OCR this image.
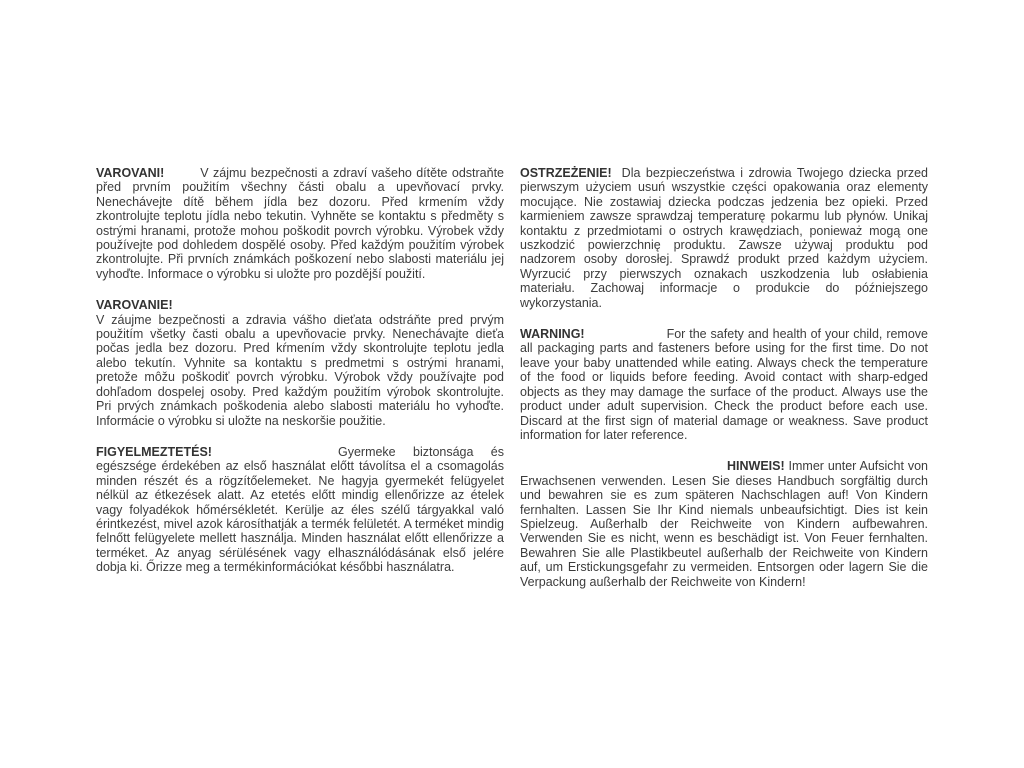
VAROVANI!	V zájmu bezpečnosti a zdraví vašeho dítěte odstraňte před prvním použitím všechny části obalu a upevňovací prvky. Nenechávejte dítě během jídla bez dozoru. Před krmením vždy zkontrolujte teplotu jídla nebo tekutin. Vyhněte se kontaktu s předměty s ostrými hranami, protože mohou poškodit povrch výrobku. Výrobek vždy používejte pod dohledem dospělé osoby. Před každým použitím výrobek zkontrolujte. Při prvních známkách poškození nebo slabosti materiálu jej vyhoďte. Informace o výrobku si uložte pro pozdější použití.

VAROVANIE!

V záujme bezpečnosti a zdravia vášho dieťata odstráňte pred prvým použitím všetky časti obalu a upevňovacie prvky. Nenechávajte dieťa počas jedla bez dozoru. Pred kŕmením vždy skontrolujte teplotu jedla alebo tekutín. Vyhnite sa kontaktu s predmetmi s ostrými hranami, pretože môžu poškodiť povrch výrobku. Výrobok vždy používajte pod dohľadom dospelej osoby. Pred každým použitím výrobok skontrolujte. Pri prvých známkach poškodenia alebo slabosti materiálu ho vyhoďte. Informácie o výrobku si uložte na neskoršie použitie.

FIGYELMEZTETÉS!	Gyermeke biztonsága és egészsége érdekében az első használat előtt távolítsa el a csomagolás minden részét és a rögzítőelemeket. Ne hagyja gyermekét felügyelet nélkül az étkezések alatt. Az etetés előtt mindig ellenőrizze az ételek vagy folyadékok hőmérsékletét. Kerülje az éles szélű tárgyakkal való érintkezést, mivel azok károsíthatják a termék felületét. A terméket mindig felnőtt felügyelete mellett használja. Minden használat előtt ellenőrizze a terméket. Az anyag sérülésének vagy elhasználódásának első jelére dobja ki. Őrizze meg a termékinformációkat későbbi használatra.

OSTRZEŻENIE! Dla bezpieczeństwa i zdrowia Twojego dziecka przed pierwszym użyciem usuń wszystkie części opakowania oraz elementy mocujące. Nie zostawiaj dziecka podczas jedzenia bez opieki. Przed karmieniem zawsze sprawdzaj temperaturę pokarmu lub płynów. Unikaj kontaktu z przedmiotami o ostrych krawędziach, ponieważ mogą one uszkodzić powierzchnię produktu. Zawsze używaj produktu pod nadzorem osoby dorosłej. Sprawdź produkt przed każdym użyciem. Wyrzucić przy pierwszych oznakach uszkodzenia lub osłabienia materiału. Zachowaj informacje o produkcie do późniejszego wykorzystania.

WARNING!	For the safety and health of your child, remove all packaging parts and fasteners before using for the first time. Do not leave your baby unattended while eating. Always check the temperature of the food or liquids before feeding. Avoid contact with sharp-edged objects as they may damage the surface of the product. Always use the product under adult supervision. Check the product before each use. Discard at the first sign of material damage or weakness. Save product information for later reference.

HINWEIS! Immer unter Aufsicht von Erwachsenen verwenden. Lesen Sie dieses Handbuch sorgfältig durch und bewahren sie es zum späteren Nachschlagen auf! Von Kindern fernhalten. Lassen Sie Ihr Kind niemals unbeaufsichtigt. Dies ist kein Spielzeug. Außerhalb der Reichweite von Kindern aufbewahren. Verwenden Sie es nicht, wenn es beschädigt ist. Von Feuer fernhalten. Bewahren Sie alle Plastikbeutel außerhalb der Reichweite von Kindern auf, um Erstickungsgefahr zu vermeiden. Entsorgen oder lagern Sie die Verpackung außerhalb der Reichweite von Kindern!
